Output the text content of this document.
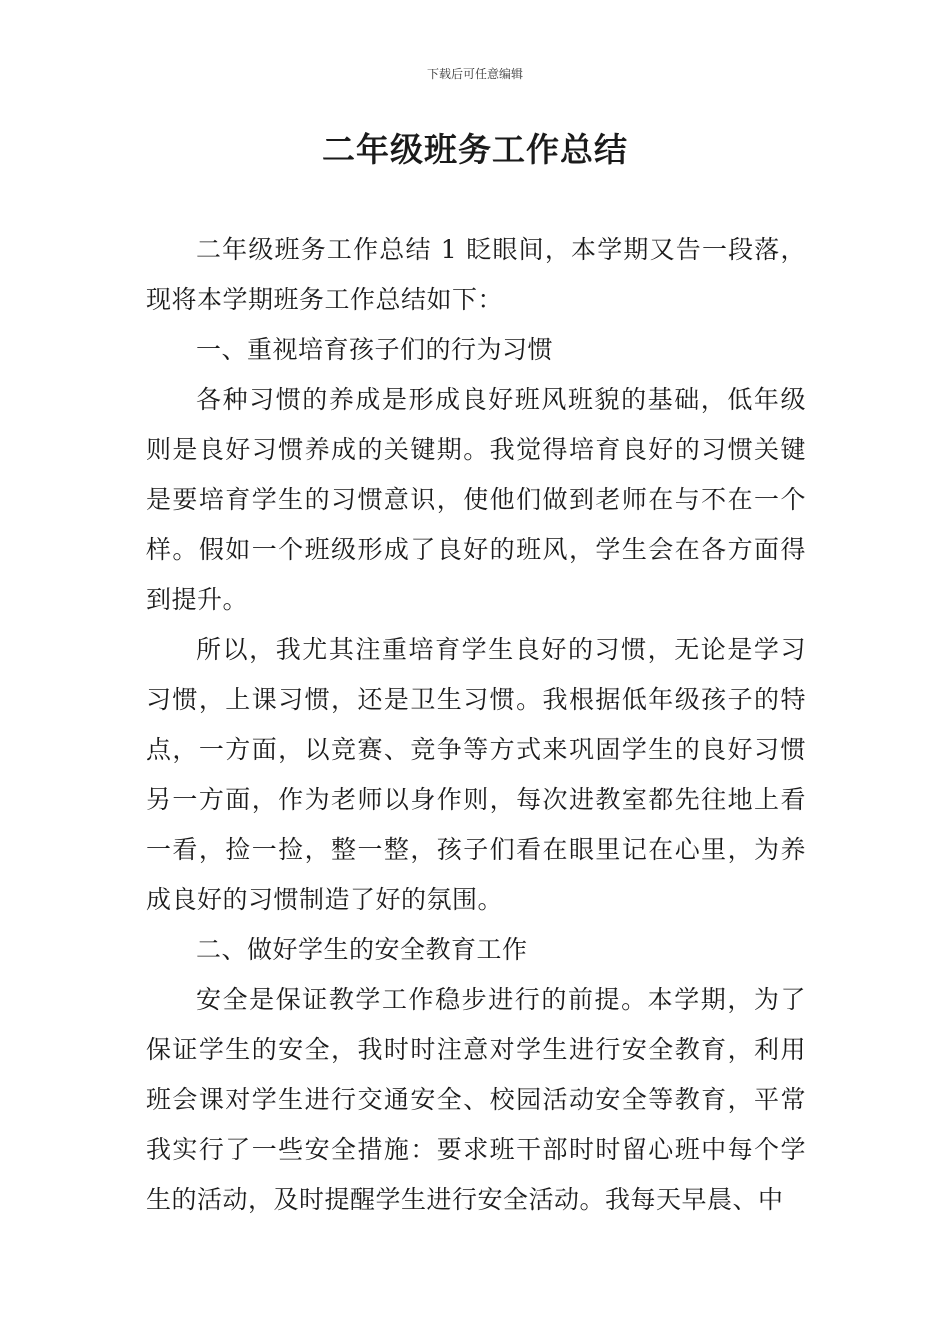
下载后可任意编辑
二年级班务工作总结

二年级班务工作总结 1 眨眼间，本学期又告一段落，现将本学期班务工作总结如下：

一、重视培育孩子们的行为习惯

各种习惯的养成是形成良好班风班貌的基础，低年级则是良好习惯养成的关键期。我觉得培育良好的习惯关键是要培育学生的习惯意识，使他们做到老师在与不在一个样。假如一个班级形成了良好的班风，学生会在各方面得到提升。

所以，我尤其注重培育学生良好的习惯，无论是学习习惯，上课习惯，还是卫生习惯。我根据低年级孩子的特点，一方面，以竞赛、竞争等方式来巩固学生的良好习惯另一方面，作为老师以身作则，每次进教室都先往地上看一看，捡一捡，整一整，孩子们看在眼里记在心里，为养成良好的习惯制造了好的氛围。

二、做好学生的安全教育工作

安全是保证教学工作稳步进行的前提。本学期，为了保证学生的安全，我时时注意对学生进行安全教育，利用班会课对学生进行交通安全、校园活动安全等教育，平常我实行了一些安全措施：要求班干部时时留心班中每个学生的活动，及时提醒学生进行安全活动。我每天早晨、中
